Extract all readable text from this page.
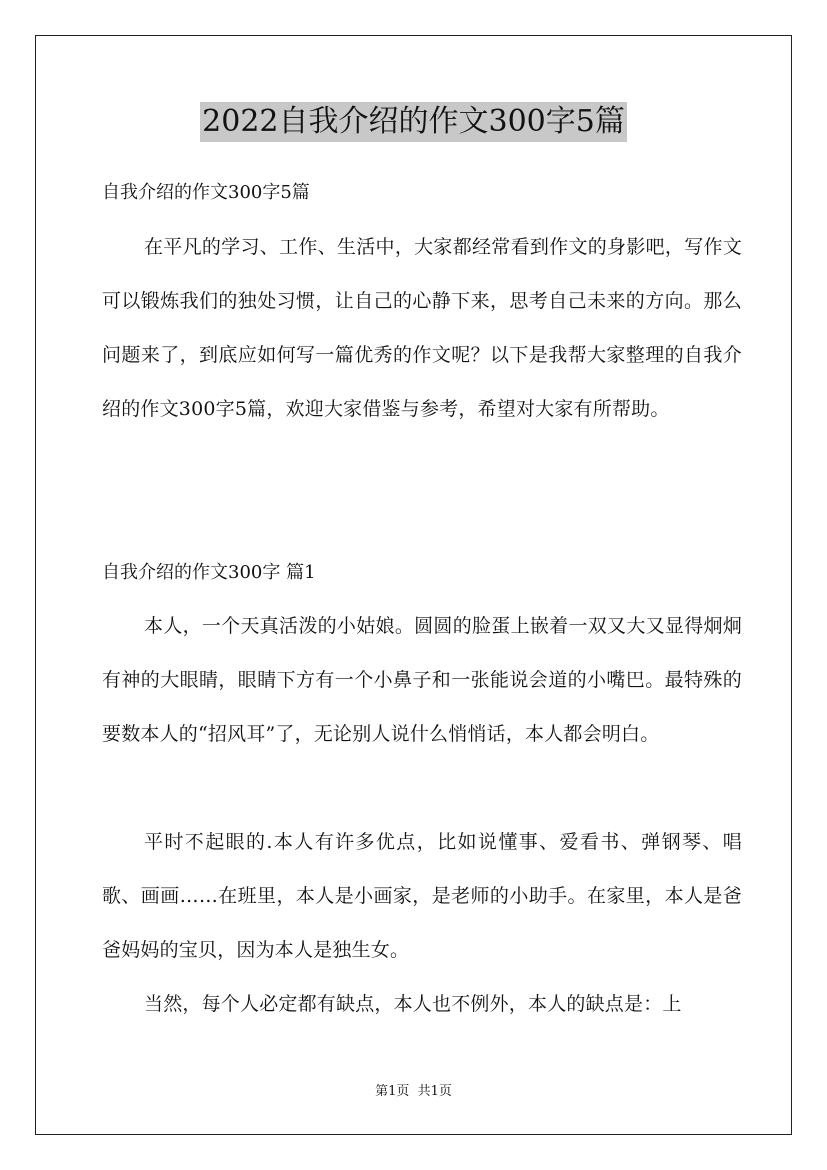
2022自我介绍的作文300字5篇
自我介绍的作文300字5篇

在平凡的学习、工作、生活中，大家都经常看到作文的身影吧，写作文可以锻炼我们的独处习惯，让自己的心静下来，思考自己未来的方向。那么问题来了，到底应如何写一篇优秀的作文呢？以下是我帮大家整理的自我介绍的作文300字5篇，欢迎大家借鉴与参考，希望对大家有所帮助。

自我介绍的作文300字 篇1

本人，一个天真活泼的小姑娘。圆圆的脸蛋上嵌着一双又大又显得炯炯有神的大眼睛，眼睛下方有一个小鼻子和一张能说会道的小嘴巴。最特殊的要数本人的“招风耳”了，无论别人说什么悄悄话，本人都会明白。

平时不起眼的.本人有许多优点，比如说懂事、爱看书、弹钢琴、唱歌、画画……在班里，本人是小画家，是老师的小助手。在家里，本人是爸爸妈妈的宝贝，因为本人是独生女。

当然，每个人必定都有缺点，本人也不例外，本人的缺点是：上

第1页  共1页
